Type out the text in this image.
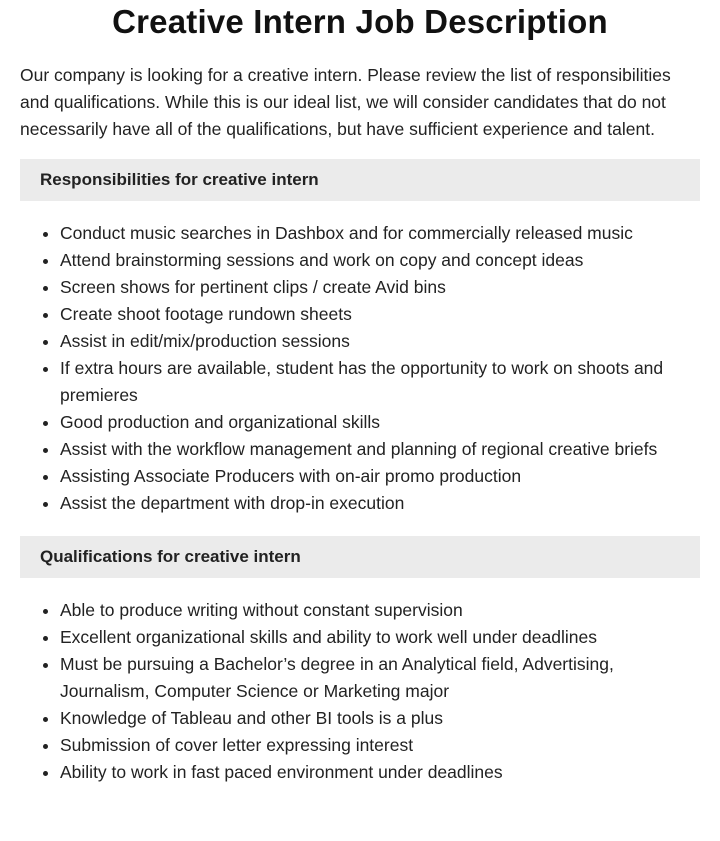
Creative Intern Job Description

Our company is looking for a creative intern. Please review the list of responsibilities and qualifications. While this is our ideal list, we will consider candidates that do not necessarily have all of the qualifications, but have sufficient experience and talent.

Responsibilities for creative intern
• Conduct music searches in Dashbox and for commercially released music
• Attend brainstorming sessions and work on copy and concept ideas
• Screen shows for pertinent clips / create Avid bins
• Create shoot footage rundown sheets
• Assist in edit/mix/production sessions
• If extra hours are available, student has the opportunity to work on shoots and premieres
• Good production and organizational skills
• Assist with the workflow management and planning of regional creative briefs
• Assisting Associate Producers with on-air promo production
• Assist the department with drop-in execution
Qualifications for creative intern
• Able to produce writing without constant supervision
• Excellent organizational skills and ability to work well under deadlines
• Must be pursuing a Bachelor’s degree in an Analytical field, Advertising, Journalism, Computer Science or Marketing major
• Knowledge of Tableau and other BI tools is a plus
• Submission of cover letter expressing interest
• Ability to work in fast paced environment under deadlines
